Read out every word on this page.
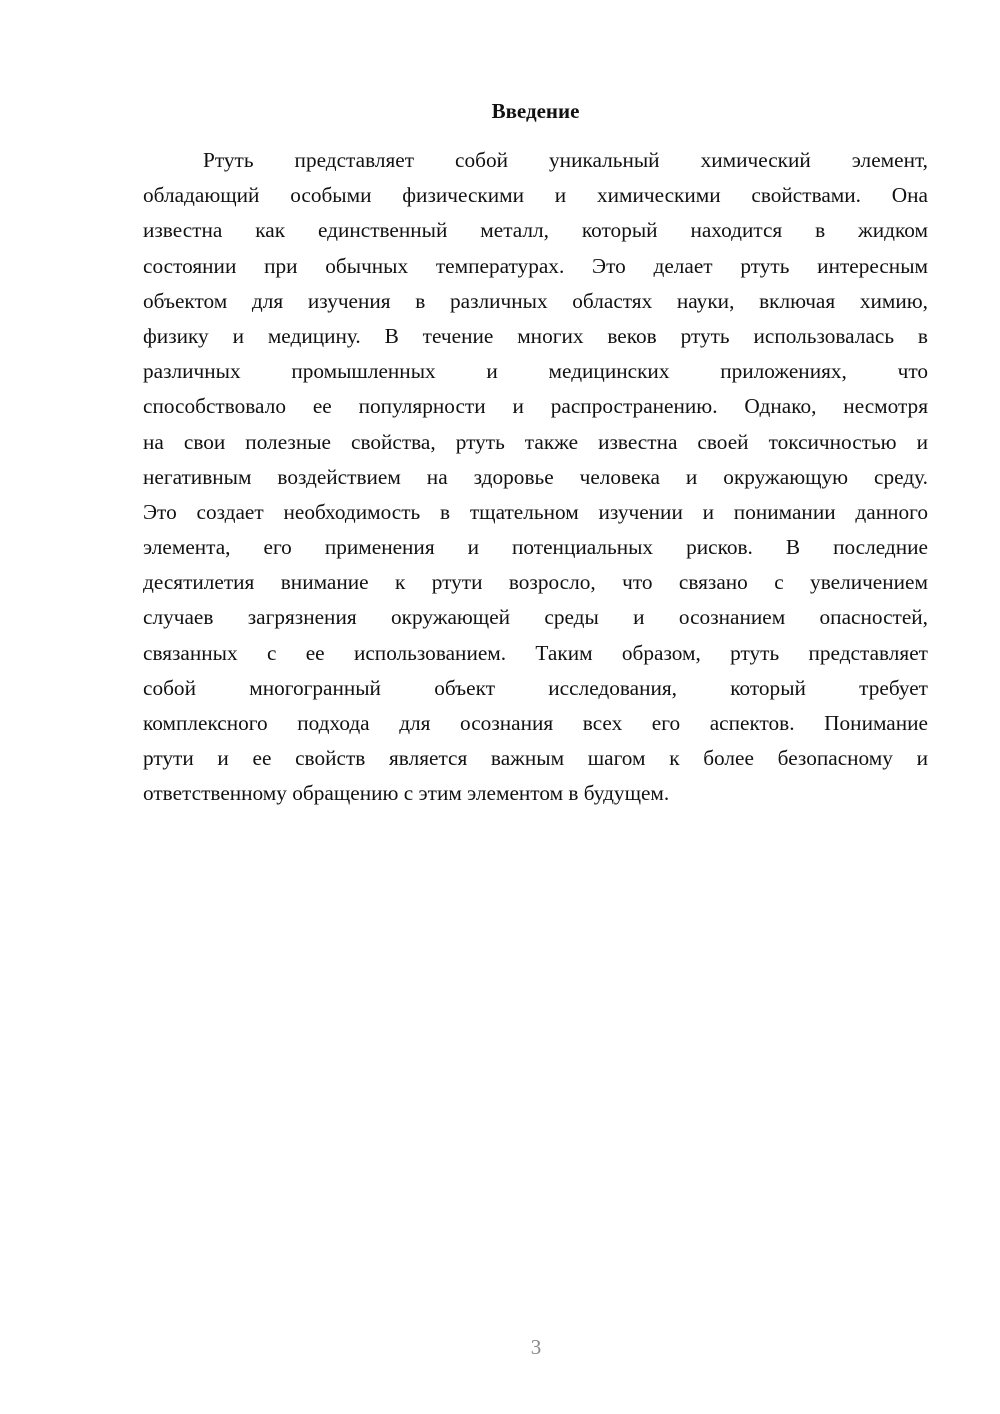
Введение
Ртуть представляет собой уникальный химический элемент,
обладающий особыми физическими и химическими свойствами. Она
известна как единственный металл, который находится в жидком
состоянии при обычных температурах. Это делает ртуть интересным
объектом для изучения в различных областях науки, включая химию,
физику и медицину. В течение многих веков ртуть использовалась в
различных промышленных и медицинских приложениях, что
способствовало ее популярности и распространению. Однако, несмотря
на свои полезные свойства, ртуть также известна своей токсичностью и
негативным воздействием на здоровье человека и окружающую среду.
Это создает необходимость в тщательном изучении и понимании данного
элемента, его применения и потенциальных рисков. В последние
десятилетия внимание к ртути возросло, что связано с увеличением
случаев загрязнения окружающей среды и осознанием опасностей,
связанных с ее использованием. Таким образом, ртуть представляет
собой многогранный объект исследования, который требует
комплексного подхода для осознания всех его аспектов. Понимание
ртути и ее свойств является важным шагом к более безопасному и
ответственному обращению с этим элементом в будущем.
3
